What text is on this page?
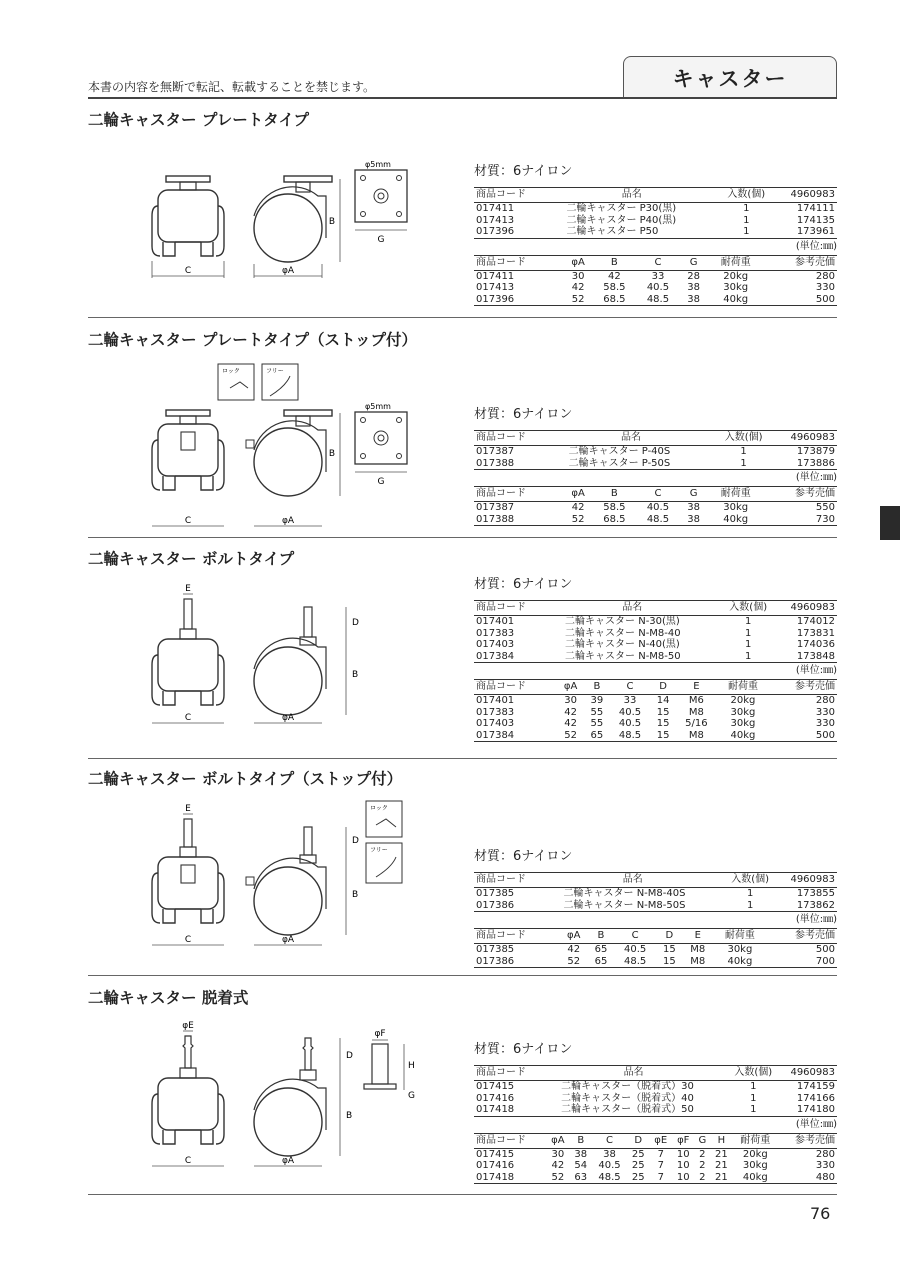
本書の内容を無断で転記、転載することを禁じます。	キャスター
76
二輪キャスター プレートタイプ
C	φA
B
G
φ5mm	材質：6ナイロン
商品コード	品名	入数(個)	4960983
017411	二輪キャスター P30(黒)	1	174111
017413	二輪キャスター P40(黒)	1	174135
017396	二輪キャスター P50	1	173961
(単位:㎜)
商品コード	φA	B	C	G	耐荷重	参考売価
017411	30	42	33	28	20kg	280
017413	42	58.5	40.5	38	30kg	330
017396	52	68.5	48.5	38	40kg	500
二輪キャスター プレートタイプ（ストップ付）
ロック	フリー
C	φA
B
G
φ5mm
材質：6ナイロン
商品コード	品名	入数(個)	4960983
017387	二輪キャスター P-40S	1	173879
017388	二輪キャスター P-50S	1	173886
(単位:㎜)
商品コード	φA	B	C	G	耐荷重	参考売価
017387	42	58.5	40.5	38	30kg	550
017388	52	68.5	48.5	38	40kg	730
二輪キャスター ボルトタイプ
E
C	φA
D
B
材質：6ナイロン
商品コード	品名	入数(個)	4960983
017401	二輪キャスター N-30(黒)	1	174012
017383	二輪キャスター N-M8-40	1	173831
017403	二輪キャスター N-40(黒)	1	174036
017384	二輪キャスター N-M8-50	1	173848
(単位:㎜)
商品コード	φA	B	C	D	E	耐荷重	参考売価
017401	30	39	33	14	M6	20kg	280
017383	42	55	40.5	15	M8	30kg	330
017403	42	55	40.5	15	5/16	30kg	330
017384	52	65	48.5	15	M8	40kg	500
二輪キャスター ボルトタイプ（ストップ付）
E
C	φA
D
B
ロック
フリー	材質：6ナイロン
商品コード	品名	入数(個)	4960983
017385	二輪キャスター N-M8-40S	1	173855
017386	二輪キャスター N-M8-50S	1	173862
(単位:㎜)
商品コード	φA	B	C	D	E	耐荷重	参考売価
017385	42	65	40.5	15	M8	30kg	500
017386	52	65	48.5	15	M8	40kg	700
二輪キャスター 脱着式
φE
C	φA
D
B
φF
H
G
材質：6ナイロン
商品コード	品名	入数(個)	4960983
017415	二輪キャスター（脱着式）30	1	174159
017416	二輪キャスター（脱着式）40	1	174166
017418	二輪キャスター（脱着式）50	1	174180
(単位:㎜)
商品コード	φA	B	C	D	φE	φF	G	H	耐荷重	参考売価
017415	30	38	38	25	7	10	2	21	20kg	280
017416	42	54	40.5	25	7	10	2	21	30kg	330
017418	52	63	48.5	25	7	10	2	21	40kg	480
